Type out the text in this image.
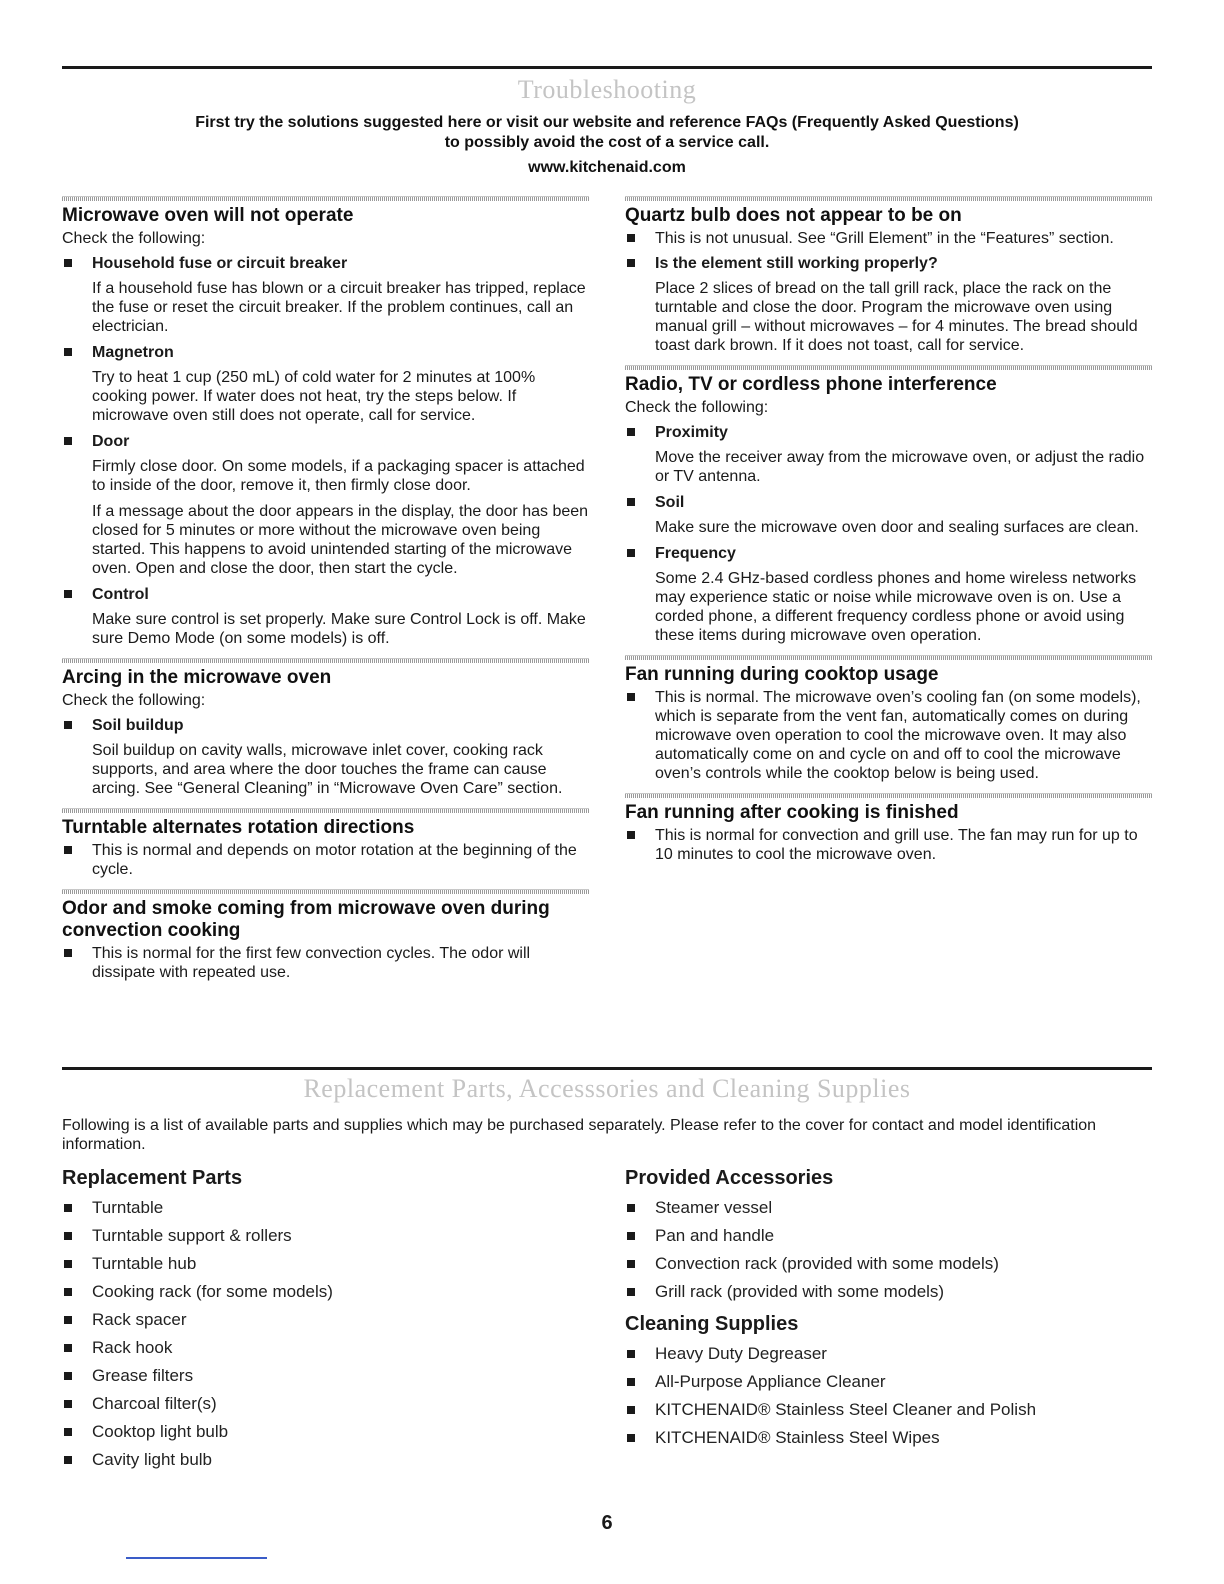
Troubleshooting
First try the solutions suggested here or visit our website and reference FAQs (Frequently Asked Questions)
to possibly avoid the cost of a service call.
www.kitchenaid.com
Microwave oven will not operate
Check the following:
Household fuse or circuit breaker
If a household fuse has blown or a circuit breaker has tripped, replace the fuse or reset the circuit breaker. If the problem continues, call an electrician.
Magnetron
Try to heat 1 cup (250 mL) of cold water for 2 minutes at 100% cooking power. If water does not heat, try the steps below. If microwave oven still does not operate, call for service.
Door
Firmly close door. On some models, if a packaging spacer is attached to inside of the door, remove it, then firmly close door.
If a message about the door appears in the display, the door has been closed for 5 minutes or more without the microwave oven being started. This happens to avoid unintended starting of the microwave oven. Open and close the door, then start the cycle.
Control
Make sure control is set properly. Make sure Control Lock is off. Make sure Demo Mode (on some models) is off.
Arcing in the microwave oven
Check the following:
Soil buildup
Soil buildup on cavity walls, microwave inlet cover, cooking rack supports, and area where the door touches the frame can cause arcing. See “General Cleaning” in “Microwave Oven Care” section.
Turntable alternates rotation directions
This is normal and depends on motor rotation at the beginning of the cycle.
Odor and smoke coming from microwave oven during convection cooking
This is normal for the first few convection cycles. The odor will dissipate with repeated use.
Quartz bulb does not appear to be on
This is not unusual. See “Grill Element” in the “Features” section.
Is the element still working properly?
Place 2 slices of bread on the tall grill rack, place the rack on the turntable and close the door. Program the microwave oven using manual grill – without microwaves – for 4 minutes. The bread should toast dark brown. If it does not toast, call for service.
Radio, TV or cordless phone interference
Check the following:
Proximity
Move the receiver away from the microwave oven, or adjust the radio or TV antenna.
Soil
Make sure the microwave oven door and sealing surfaces are clean.
Frequency
Some 2.4 GHz-based cordless phones and home wireless networks may experience static or noise while microwave oven is on. Use a corded phone, a different frequency cordless phone or avoid using these items during microwave oven operation.
Fan running during cooktop usage
This is normal. The microwave oven’s cooling fan (on some models), which is separate from the vent fan, automatically comes on during microwave oven operation to cool the microwave oven. It may also automatically come on and cycle on and off to cool the microwave oven’s controls while the cooktop below is being used.
Fan running after cooking is finished
This is normal for convection and grill use. The fan may run for up to 10 minutes to cool the microwave oven.
Replacement Parts, Accesssories and Cleaning Supplies
Following is a list of available parts and supplies which may be purchased separately. Please refer to the cover for contact and model identification information.
Replacement Parts
Turntable
Turntable support & rollers
Turntable hub
Cooking rack (for some models)
Rack spacer
Rack hook
Grease filters
Charcoal filter(s)
Cooktop light bulb
Cavity light bulb
Provided Accessories
Steamer vessel
Pan and handle
Convection rack (provided with some models)
Grill rack (provided with some models)
Cleaning Supplies
Heavy Duty Degreaser
All-Purpose Appliance Cleaner
KITCHENAID® Stainless Steel Cleaner and Polish
KITCHENAID® Stainless Steel Wipes
6
